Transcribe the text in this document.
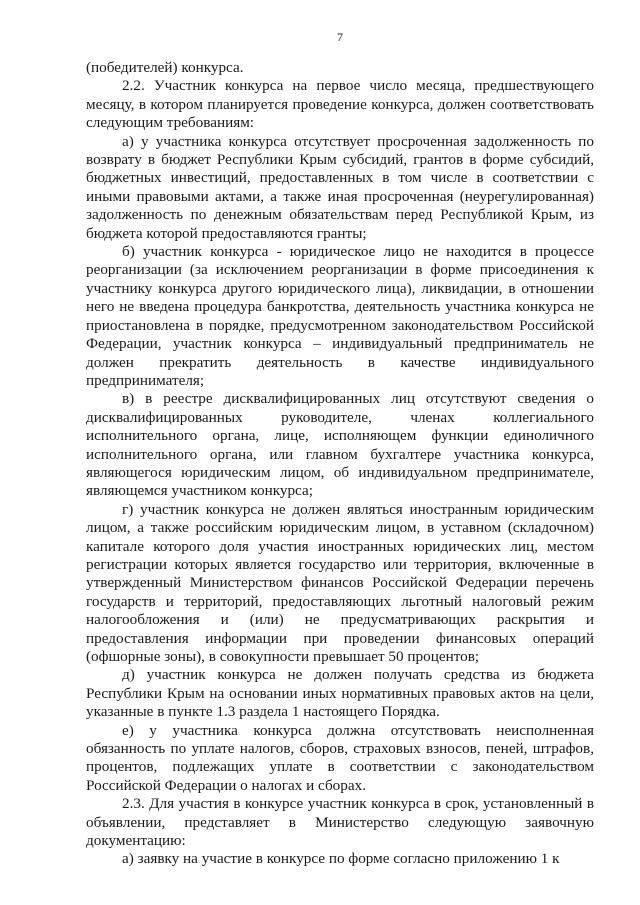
7

(победителей) конкурса.

2.2. Участник конкурса на первое число месяца, предшествующего месяцу, в котором планируется проведение конкурса, должен соответствовать следующим требованиям:

а) у участника конкурса отсутствует просроченная задолженность по возврату в бюджет Республики Крым субсидий, грантов в форме субсидий, бюджетных инвестиций, предоставленных в том числе в соответствии с иными правовыми актами, а также иная просроченная (неурегулированная) задолженность по денежным обязательствам перед Республикой Крым, из бюджета которой предоставляются гранты;

б) участник конкурса - юридическое лицо не находится в процессе реорганизации (за исключением реорганизации в форме присоединения к участнику конкурса другого юридического лица), ликвидации, в отношении него не введена процедура банкротства, деятельность участника конкурса не приостановлена в порядке, предусмотренном законодательством Российской Федерации, участник конкурса – индивидуальный предприниматель не должен прекратить деятельность в качестве индивидуального предпринимателя;

в) в реестре дисквалифицированных лиц отсутствуют сведения о дисквалифицированных руководителе, членах коллегиального исполнительного органа, лице, исполняющем функции единоличного исполнительного органа, или главном бухгалтере участника конкурса, являющегося юридическим лицом, об индивидуальном предпринимателе, являющемся участником конкурса;

г) участник конкурса не должен являться иностранным юридическим лицом, а также российским юридическим лицом, в уставном (складочном) капитале которого доля участия иностранных юридических лиц, местом регистрации которых является государство или территория, включенные в утвержденный Министерством финансов Российской Федерации перечень государств и территорий, предоставляющих льготный налоговый режим налогообложения и (или) не предусматривающих раскрытия и предоставления информации при проведении финансовых операций (офшорные зоны), в совокупности превышает 50 процентов;

д) участник конкурса не должен получать средства из бюджета Республики Крым на основании иных нормативных правовых актов на цели, указанные в пункте 1.3 раздела 1 настоящего Порядка.

е) у участника конкурса должна отсутствовать неисполненная обязанность по уплате налогов, сборов, страховых взносов, пеней, штрафов, процентов, подлежащих уплате в соответствии с законодательством Российской Федерации о налогах и сборах.

2.3. Для участия в конкурсе участник конкурса в срок, установленный в объявлении, представляет в Министерство следующую заявочную документацию:

а) заявку на участие в конкурсе по форме согласно приложению 1 к
